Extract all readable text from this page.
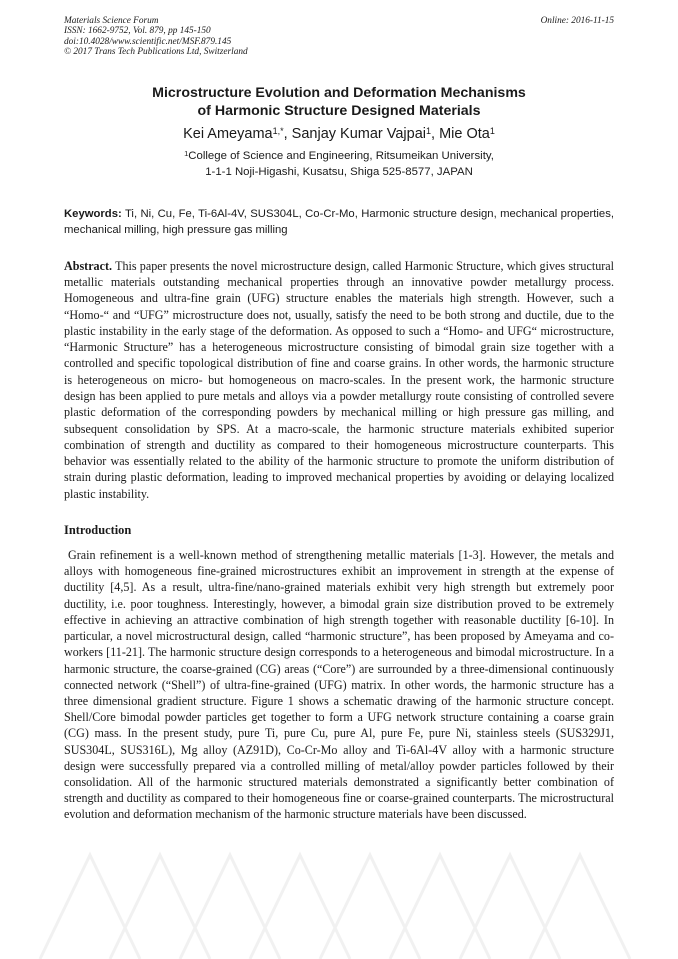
Materials Science Forum
ISSN: 1662-9752, Vol. 879, pp 145-150
doi:10.4028/www.scientific.net/MSF.879.145
© 2017 Trans Tech Publications Ltd, Switzerland
Online: 2016-11-15
Microstructure Evolution and Deformation Mechanisms
of Harmonic Structure Designed Materials
Kei Ameyama$^{1,*}$, Sanjay Kumar Vajpai$^1$, Mie Ota$^1$
$^1$College of Science and Engineering, Ritsumeikan University,
1-1-1 Noji-Higashi, Kusatsu, Shiga 525-8577, JAPAN
Keywords: Ti, Ni, Cu, Fe, Ti-6Al-4V, SUS304L, Co-Cr-Mo, Harmonic structure design, mechanical properties, mechanical milling, high pressure gas milling
Abstract. This paper presents the novel microstructure design, called Harmonic Structure, which gives structural metallic materials outstanding mechanical properties through an innovative powder metallurgy process. Homogeneous and ultra-fine grain (UFG) structure enables the materials high strength. However, such a “Homo-“ and “UFG” microstructure does not, usually, satisfy the need to be both strong and ductile, due to the plastic instability in the early stage of the deformation. As opposed to such a “Homo- and UFG“ microstructure, “Harmonic Structure” has a heterogeneous microstructure consisting of bimodal grain size together with a controlled and specific topological distribution of fine and coarse grains. In other words, the harmonic structure is heterogeneous on micro- but homogeneous on macro-scales. In the present work, the harmonic structure design has been applied to pure metals and alloys via a powder metallurgy route consisting of controlled severe plastic deformation of the corresponding powders by mechanical milling or high pressure gas milling, and subsequent consolidation by SPS. At a macro-scale, the harmonic structure materials exhibited superior combination of strength and ductility as compared to their homogeneous microstructure counterparts. This behavior was essentially related to the ability of the harmonic structure to promote the uniform distribution of strain during plastic deformation, leading to improved mechanical properties by avoiding or delaying localized plastic instability.
Introduction
Grain refinement is a well-known method of strengthening metallic materials [1-3]. However, the metals and alloys with homogeneous fine-grained microstructures exhibit an improvement in strength at the expense of ductility [4,5]. As a result, ultra-fine/nano-grained materials exhibit very high strength but extremely poor ductility, i.e. poor toughness. Interestingly, however, a bimodal grain size distribution proved to be extremely effective in achieving an attractive combination of high strength together with reasonable ductility [6-10]. In particular, a novel microstructural design, called “harmonic structure”, has been proposed by Ameyama and co-workers [11-21]. The harmonic structure design corresponds to a heterogeneous and bimodal microstructure. In a harmonic structure, the coarse-grained (CG) areas (“Core”) are surrounded by a three-dimensional continuously connected network (“Shell”) of ultra-fine-grained (UFG) matrix. In other words, the harmonic structure has a three dimensional gradient structure. Figure 1 shows a schematic drawing of the harmonic structure concept. Shell/Core bimodal powder particles get together to form a UFG network structure containing a coarse grain (CG) mass. In the present study, pure Ti, pure Cu, pure Al, pure Fe, pure Ni, stainless steels (SUS329J1, SUS304L, SUS316L), Mg alloy (AZ91D), Co-Cr-Mo alloy and Ti-6Al-4V alloy with a harmonic structure design were successfully prepared via a controlled milling of metal/alloy powder particles followed by their consolidation. All of the harmonic structured materials demonstrated a significantly better combination of strength and ductility as compared to their homogeneous fine or coarse-grained counterparts. The microstructural evolution and deformation mechanism of the harmonic structure materials have been discussed.
